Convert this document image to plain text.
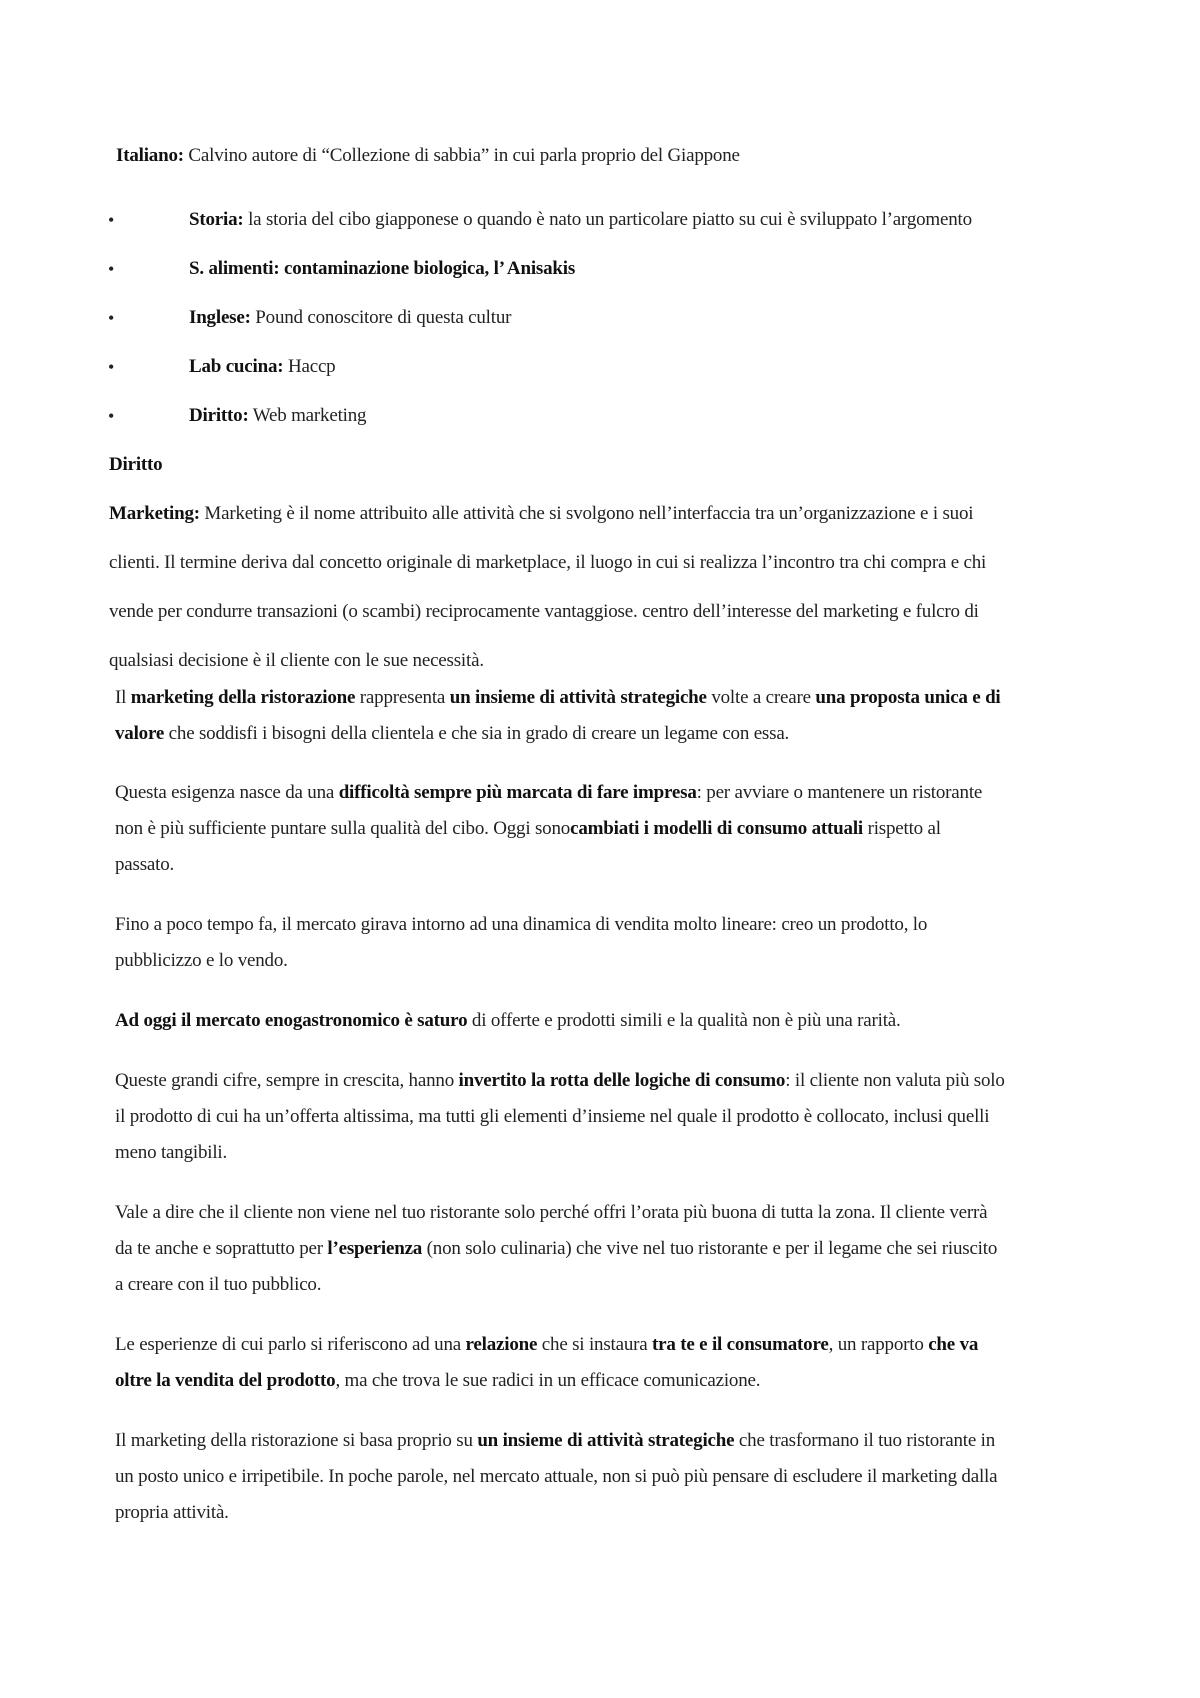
Italiano: Calvino autore di “Collezione di sabbia” in cui parla proprio del Giappone
•	Storia: la storia del cibo giapponese o quando è nato un particolare piatto su cui è sviluppato l’argomento
•	S. alimenti: contaminazione biologica, l’ Anisakis
•	Inglese: Pound conoscitore di questa cultur
•	Lab cucina: Haccp
•	Diritto: Web marketing
Diritto
Marketing: Marketing è il nome attribuito alle attività che si svolgono nell’interfaccia tra un’organizzazione e i suoi
clienti. Il termine deriva dal concetto originale di marketplace, il luogo in cui si realizza l’incontro tra chi compra e chi
vende per condurre transazioni (o scambi) reciprocamente vantaggiose. centro dell’interesse del marketing e fulcro di
qualsiasi decisione è il cliente con le sue necessità.
Il marketing della ristorazione rappresenta un insieme di attività strategiche volte a creare una proposta unica e di
valore che soddisfi i bisogni della clientela e che sia in grado di creare un legame con essa.
Questa esigenza nasce da una difficoltà sempre più marcata di fare impresa: per avviare o mantenere un ristorante
non è più sufficiente puntare sulla qualità del cibo. Oggi sonocambiati i modelli di consumo attuali rispetto al
passato.
Fino a poco tempo fa, il mercato girava intorno ad una dinamica di vendita molto lineare: creo un prodotto, lo
pubblicizzo e lo vendo.
Ad oggi il mercato enogastronomico è saturo di offerte e prodotti simili e la qualità non è più una rarità.
Queste grandi cifre, sempre in crescita, hanno invertito la rotta delle logiche di consumo: il cliente non valuta più solo
il prodotto di cui ha un’offerta altissima, ma tutti gli elementi d’insieme nel quale il prodotto è collocato, inclusi quelli
meno tangibili.
Vale a dire che il cliente non viene nel tuo ristorante solo perché offri l’orata più buona di tutta la zona. Il cliente verrà
da te anche e soprattutto per l’esperienza (non solo culinaria) che vive nel tuo ristorante e per il legame che sei riuscito
a creare con il tuo pubblico.
Le esperienze di cui parlo si riferiscono ad una relazione che si instaura tra te e il consumatore, un rapporto che va
oltre la vendita del prodotto, ma che trova le sue radici in un efficace comunicazione.
Il marketing della ristorazione si basa proprio su un insieme di attività strategiche che trasformano il tuo ristorante in
un posto unico e irripetibile. In poche parole, nel mercato attuale, non si può più pensare di escludere il marketing dalla
propria attività.
